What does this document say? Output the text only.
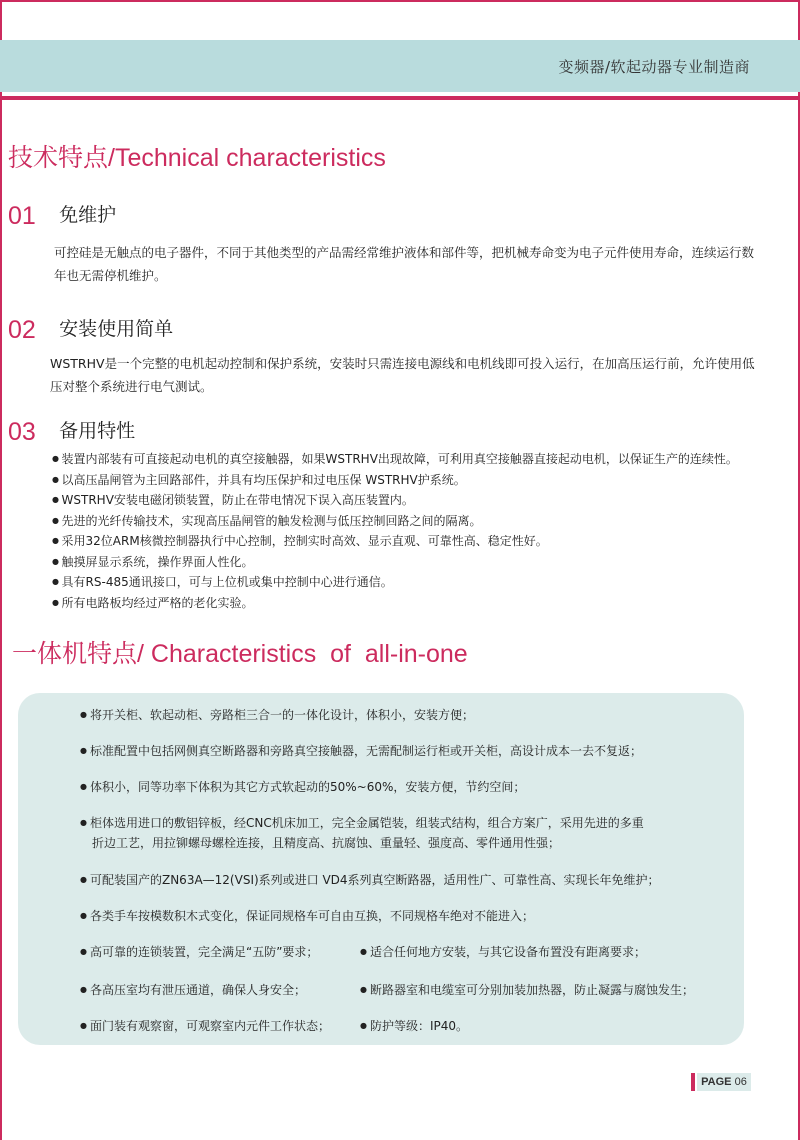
变频器/软起动器专业制造商
技术特点/Technical characteristics
01 免维护
可控硅是无触点的电子器件，不同于其他类型的产品需经常维护液体和部件等，把机械寿命变为电子元件使用寿命，连续运行数年也无需停机维护。
02 安装使用简单
WSTRHV是一个完整的电机起动控制和保护系统，安装时只需连接电源线和电机线即可投入运行，在加高压运行前，允许使用低压对整个系统进行电气测试。
03 备用特性
● 装置内部装有可直接起动电机的真空接触器，如果WSTRHV出现故障，可利用真空接触器直接起动电机，以保证生产的连续性。
● 以高压晶闸管为主回路部件，并具有均压保护和过电压保 WSTRHV护系统。
● WSTRHV安装电磁闭锁装置，防止在带电情况下误入高压装置内。
● 先进的光纤传输技术，实现高压晶闸管的触发检测与低压控制回路之间的隔离。
● 采用32位ARM核微控制器执行中心控制，控制实时高效、显示直观、可靠性高、稳定性好。
● 触摸屏显示系统，操作界面人性化。
● 具有RS-485通讯接口，可与上位机或集中控制中心进行通信。
● 所有电路板均经过严格的老化实验。
一体机特点/ Characteristics  of  all-in-one
● 将开关柜、软起动柜、旁路柜三合一的一体化设计，体积小，安装方便；
● 标准配置中包括网侧真空断路器和旁路真空接触器，无需配制运行柜或开关柜，高设计成本一去不复返；
● 体积小，同等功率下体积为其它方式软起动的50%~60%，安装方便，节约空间；
● 柜体选用进口的敷铝锌板，经CNC机床加工，完全金属铠装，组装式结构，组合方案广，采用先进的多重
折边工艺，用拉铆螺母螺栓连接，且精度高、抗腐蚀、重量轻、强度高、零件通用性强；
● 可配装国产的ZN63A—12(VSI)系列或进口 VD4系列真空断路器，适用性广、可靠性高、实现长年免维护；
● 各类手车按模数积木式变化，保证同规格车可自由互换，不同规格车绝对不能进入；
● 高可靠的连锁装置，完全满足“五防”要求；	● 适合任何地方安装，与其它设备布置没有距离要求；
● 各高压室均有泄压通道，确保人身安全；	● 断路器室和电缆室可分别加装加热器，防止凝露与腐蚀发生；
● 面门装有观察窗，可观察室内元件工作状态；	● 防护等级：IP40。
PAGE 06
